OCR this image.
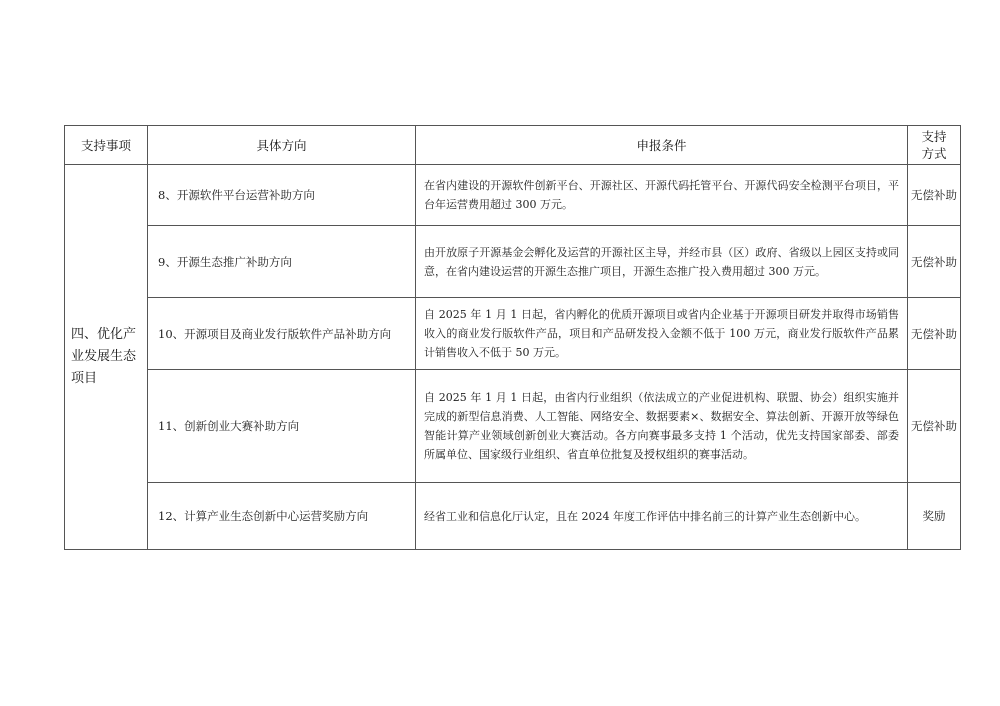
支持事项	具体方向	申报条件	支持
方式
四、优化产业发展生态项目	8、开源软件平台运营补助方向	在省内建设的开源软件创新平台、开源社区、开源代码托管平台、开源代码安全检测平台项目，平台年运营费用超过 300 万元。	无偿补助
	9、开源生态推广补助方向	由开放原子开源基金会孵化及运营的开源社区主导，并经市县（区）政府、省级以上园区支持或同意，在省内建设运营的开源生态推广项目，开源生态推广投入费用超过 300 万元。	无偿补助
	10、开源项目及商业发行版软件产品补助方向	自 2025 年 1 月 1 日起，省内孵化的优质开源项目或省内企业基于开源项目研发并取得市场销售收入的商业发行版软件产品，项目和产品研发投入金额不低于 100 万元，商业发行版软件产品累计销售收入不低于 50 万元。	无偿补助
	11、创新创业大赛补助方向	自 2025 年 1 月 1 日起，由省内行业组织（依法成立的产业促进机构、联盟、协会）组织实施并完成的新型信息消费、人工智能、网络安全、数据要素×、数据安全、算法创新、开源开放等绿色智能计算产业领域创新创业大赛活动。各方向赛事最多支持 1 个活动，优先支持国家部委、部委所属单位、国家级行业组织、省直单位批复及授权组织的赛事活动。	无偿补助
	12、计算产业生态创新中心运营奖励方向	经省工业和信息化厅认定，且在 2024 年度工作评估中排名前三的计算产业生态创新中心。	奖励
